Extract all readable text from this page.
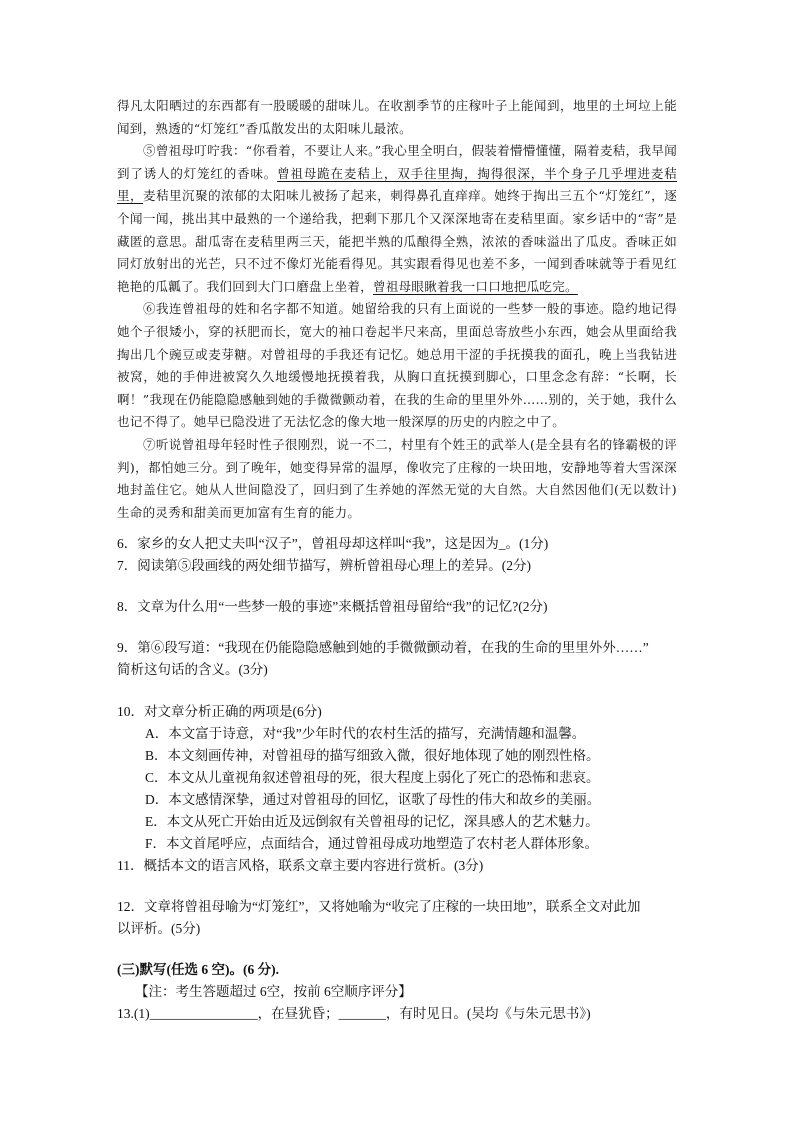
得凡太阳晒过的东西都有一股暖暖的甜味儿。在收割季节的庄稼叶子上能闻到，地里的土坷垃上能闻到，熟透的“灯笼红”香瓜散发出的太阳味儿最浓。

⑤曾祖母叮咛我：“你看着，不要让人来。”我心里全明白，假装着懵懵懂懂，隔着麦秸，我早闻到了诱人的灯笼红的香味。曾祖母跪在麦秸上，双手往里掏，掏得很深，半个身子几乎埋进麦秸里，麦秸里沉聚的浓郁的太阳味儿被扬了起来，刺得鼻孔直痒痒。她终于掏出三五个“灯笼红”，逐个闻一闻，挑出其中最熟的一个递给我，把剩下那几个又深深地寄在麦秸里面。家乡话中的“寄”是藏匿的意思。甜瓜寄在麦秸里两三天，能把半熟的瓜酿得全熟，浓浓的香味溢出了瓜皮。香味正如同灯放射出的光芒，只不过不像灯光能看得见。其实跟看得见也差不多，一闻到香味就等于看见红艳艳的瓜瓤了。我们回到大门口磨盘上坐着，曾祖母眼瞅着我一口口地把瓜吃完。

⑥我连曾祖母的姓和名字都不知道。她留给我的只有上面说的一些梦一般的事迹。隐约地记得她个子很矮小，穿的袄肥而长，宽大的袖口卷起半尺来高，里面总寄放些小东西，她会从里面给我掏出几个豌豆或麦芽糖。对曾祖母的手我还有记忆。她总用干涩的手抚摸我的面孔，晚上当我钻进被窝，她的手伸进被窝久久地缓慢地抚摸着我，从胸口直抚摸到脚心，口里念念有辞：“长啊，长啊！”我现在仍能隐隐感触到她的手微微颤动着，在我的生命的里里外外……别的，关于她，我什么也记不得了。她早已隐没进了无法忆念的像大地一般深厚的历史的内腔之中了。

⑦听说曾祖母年轻时性子很刚烈，说一不二，村里有个姓王的武举人(是全县有名的锋霸极的评判)，都怕她三分。到了晚年，她变得异常的温厚，像收完了庄稼的一块田地，安静地等着大雪深深地封盖住它。她从人世间隐没了，回归到了生养她的浑然无觉的大自然。大自然因他们(无以数计)生命的灵秀和甜美而更加富有生育的能力。

6．家乡的女人把丈夫叫“汉子”，曾祖母却这样叫“我”，这是因为_。(1分)

7．阅读第⑤段画线的两处细节描写，辨析曾祖母心理上的差异。(2分)

8．文章为什么用“一些梦一般的事迹”来概括曾祖母留给“我”的记忆?(2分)

9．第⑥段写道：“我现在仍能隐隐感触到她的手微微颤动着，在我的生命的里里外外……”

简析这句话的含义。(3分)

10．对文章分析正确的两项是(6分)

A．本文富于诗意，对“我”少年时代的农村生活的描写，充满情趣和温馨。

B．本文刻画传神，对曾祖母的描写细致入微，很好地体现了她的刚烈性格。

C．本文从儿童视角叙述曾祖母的死，很大程度上弱化了死亡的恐怖和悲哀。

D．本文感情深挚，通过对曾祖母的回忆，讴歌了母性的伟大和故乡的美丽。

E．本文从死亡开始由近及远倒叙有关曾祖母的记忆，深具感人的艺术魅力。

F．本文首尾呼应，点面结合，通过曾祖母成功地塑造了农村老人群体形象。

11．概括本文的语言风格，联系文章主要内容进行赏析。(3分)

12．文章将曾祖母喻为“灯笼红”，又将她喻为“收完了庄稼的一块田地”，联系全文对此加

以评析。(5分)

(三)默写(任选 6 空)。(6 分).

【注：考生答题超过 6空，按前 6空顺序评分】

13.(1)________________，在昼犹昏；_______，有时见日。(吴均《与朱元思书》)
